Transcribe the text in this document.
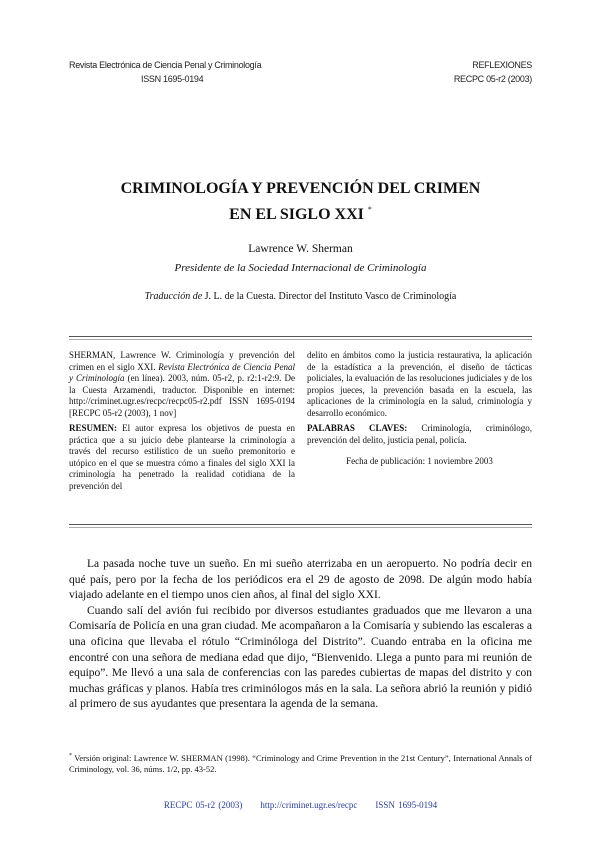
Revista Electrónica de Ciencia Penal y Criminología
ISSN 1695-0194
REFLEXIONES
RECPC 05-r2 (2003)
CRIMINOLOGÍA Y PREVENCIÓN DEL CRIMEN
EN EL SIGLO XXI *
Lawrence W. Sherman
Presidente de la Sociedad Internacional de Criminología
Traducción de J. L. de la Cuesta. Director del Instituto Vasco de Criminología

SHERMAN, Lawrence W. Criminología y prevención del crimen en el siglo XXI. Revista Electrónica de Ciencia Penal y Criminología (en línea). 2003, núm. 05-r2, p. r2:1-r2:9. De la Cuesta Arzamendi, traductor. Disponible en internet: http://criminet.ugr.es/recpc/recpc05-r2.pdf ISSN 1695-0194 [RECPC 05-r2 (2003), 1 nov]

RESUMEN: El autor expresa los objetivos de puesta en práctica que a su juicio debe plantearse la criminología a través del recurso estilístico de un sueño premonitorio e utópico en el que se muestra cómo a finales del siglo XXI la criminología ha penetrado la realidad cotidiana de la prevención del

delito en ámbitos como la justicia restaurativa, la aplicación de la estadística a la prevención, el diseño de tácticas policiales, la evaluación de las resoluciones judiciales y de los propios jueces, la prevención basada en la escuela, las aplicaciones de la criminología en la salud, criminología y desarrollo económico.

PALABRAS CLAVES: Criminología, criminólogo, prevención del delito, justicia penal, policía.

Fecha de publicación: 1 noviembre 2003

La pasada noche tuve un sueño. En mi sueño aterrizaba en un aeropuerto. No podría decir en qué país, pero por la fecha de los periódicos era el 29 de agosto de 2098. De algún modo había viajado adelante en el tiempo unos cien años, al final del siglo XXI.

Cuando salí del avión fui recibido por diversos estudiantes graduados que me llevaron a una Comisaría de Policía en una gran ciudad. Me acompañaron a la Comisaría y subiendo las escaleras a una oficina que llevaba el rótulo “Criminóloga del Distrito”. Cuando entraba en la oficina me encontré con una señora de mediana edad que dijo, “Bienvenido. Llega a punto para mi reunión de equipo”. Me llevó a una sala de conferencias con las paredes cubiertas de mapas del distrito y con muchas gráficas y planos. Había tres criminólogos más en la sala. La señora abrió la reunión y pidió al primero de sus ayudantes que presentara la agenda de la semana.

* Versión original: Lawrence W. SHERMAN (1998). “Criminology and Crime Prevention in the 21st Century”, International Annals of Criminology, vol. 36, núms. 1/2, pp. 43-52.
RECPC 05-r2 (2003) http://criminet.ugr.es/recpc ISSN 1695-0194
